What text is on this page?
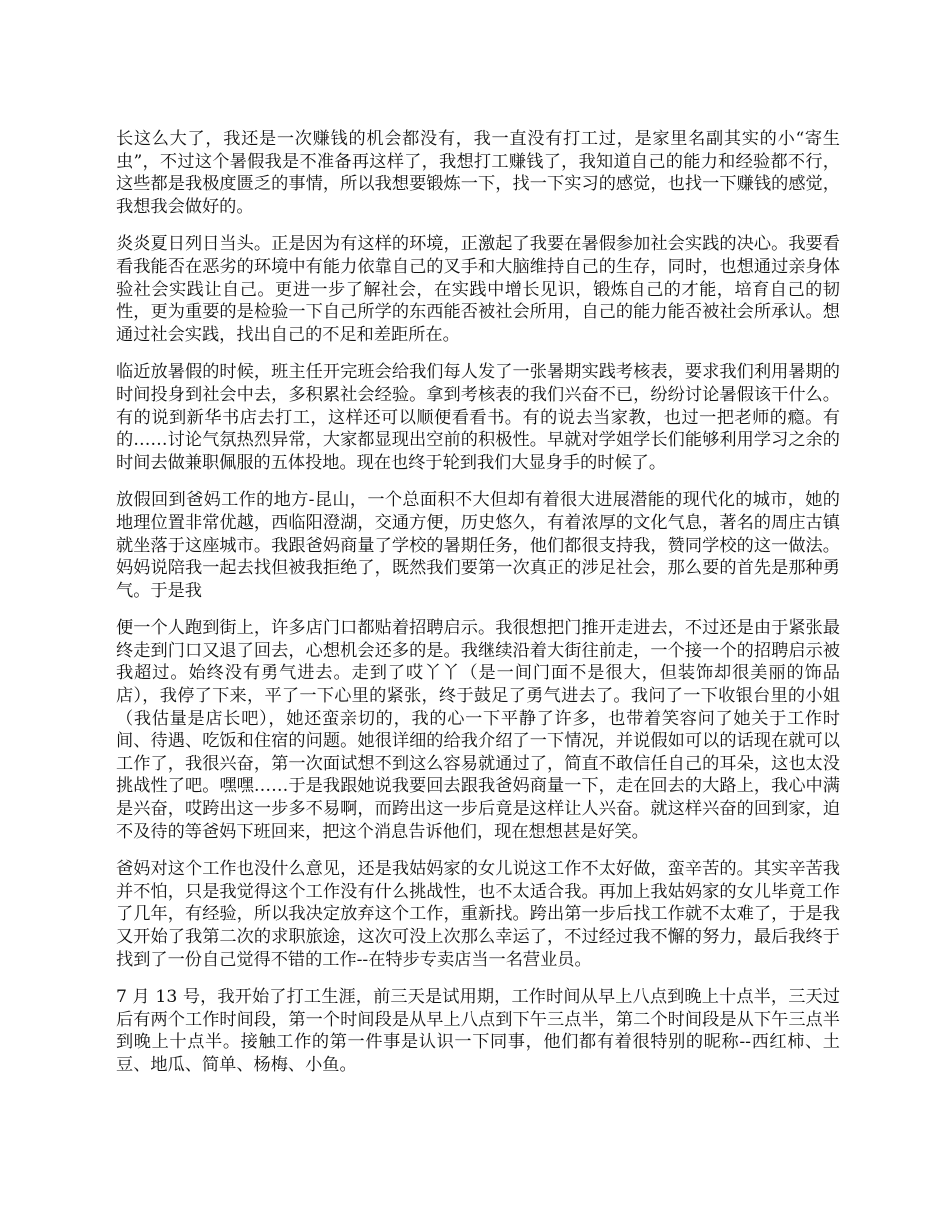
长这么大了，我还是一次赚钱的机会都没有，我一直没有打工过，是家里名副其实的小“寄生虫”，不过这个暑假我是不准备再这样了，我想打工赚钱了，我知道自己的能力和经验都不行，这些都是我极度匮乏的事情，所以我想要锻炼一下，找一下实习的感觉，也找一下赚钱的感觉，我想我会做好的。

炎炎夏日列日当头。正是因为有这样的环境，正激起了我要在暑假参加社会实践的决心。我要看看我能否在恶劣的环境中有能力依靠自己的叉手和大脑维持自己的生存，同时，也想通过亲身体验社会实践让自己。更进一步了解社会，在实践中增长见识，锻炼自己的才能，培育自己的韧性，更为重要的是检验一下自己所学的东西能否被社会所用，自己的能力能否被社会所承认。想通过社会实践，找出自己的不足和差距所在。

临近放暑假的时候，班主任开完班会给我们每人发了一张暑期实践考核表，要求我们利用暑期的时间投身到社会中去，多积累社会经验。拿到考核表的我们兴奋不已，纷纷讨论暑假该干什么。有的说到新华书店去打工，这样还可以顺便看看书。有的说去当家教，也过一把老师的瘾。有的……讨论气氛热烈异常，大家都显现出空前的积极性。早就对学姐学长们能够利用学习之余的时间去做兼职佩服的五体投地。现在也终于轮到我们大显身手的时候了。

放假回到爸妈工作的地方-昆山，一个总面积不大但却有着很大进展潜能的现代化的城市，她的地理位置非常优越，西临阳澄湖，交通方便，历史悠久，有着浓厚的文化气息，著名的周庄古镇就坐落于这座城市。我跟爸妈商量了学校的暑期任务，他们都很支持我，赞同学校的这一做法。妈妈说陪我一起去找但被我拒绝了，既然我们要第一次真正的涉足社会，那么要的首先是那种勇气。于是我

便一个人跑到街上，许多店门口都贴着招聘启示。我很想把门推开走进去，不过还是由于紧张最终走到门口又退了回去，心想机会还多的是。我继续沿着大街往前走，一个接一个的招聘启示被我超过。始终没有勇气进去。走到了哎丫丫（是一间门面不是很大，但装饰却很美丽的饰品店），我停了下来，平了一下心里的紧张，终于鼓足了勇气进去了。我问了一下收银台里的小姐（我估量是店长吧），她还蛮亲切的，我的心一下平静了许多，也带着笑容问了她关于工作时间、待遇、吃饭和住宿的问题。她很详细的给我介绍了一下情况，并说假如可以的话现在就可以工作了，我很兴奋，第一次面试想不到这么容易就通过了，简直不敢信任自己的耳朵，这也太没挑战性了吧。嘿嘿……于是我跟她说我要回去跟我爸妈商量一下，走在回去的大路上，我心中满是兴奋，哎跨出这一步多不易啊，而跨出这一步后竟是这样让人兴奋。就这样兴奋的回到家，迫不及待的等爸妈下班回来，把这个消息告诉他们，现在想想甚是好笑。

爸妈对这个工作也没什么意见，还是我姑妈家的女儿说这工作不太好做，蛮辛苦的。其实辛苦我并不怕，只是我觉得这个工作没有什么挑战性，也不太适合我。再加上我姑妈家的女儿毕竟工作了几年，有经验，所以我决定放弃这个工作，重新找。跨出第一步后找工作就不太难了，于是我又开始了我第二次的求职旅途，这次可没上次那么幸运了，不过经过我不懈的努力，最后我终于找到了一份自己觉得不错的工作--在特步专卖店当一名营业员。

7 月 13 号，我开始了打工生涯，前三天是试用期，工作时间从早上八点到晚上十点半，三天过后有两个工作时间段，第一个时间段是从早上八点到下午三点半，第二个时间段是从下午三点半到晚上十点半。接触工作的第一件事是认识一下同事，他们都有着很特别的昵称--西红柿、土豆、地瓜、简单、杨梅、小鱼。
